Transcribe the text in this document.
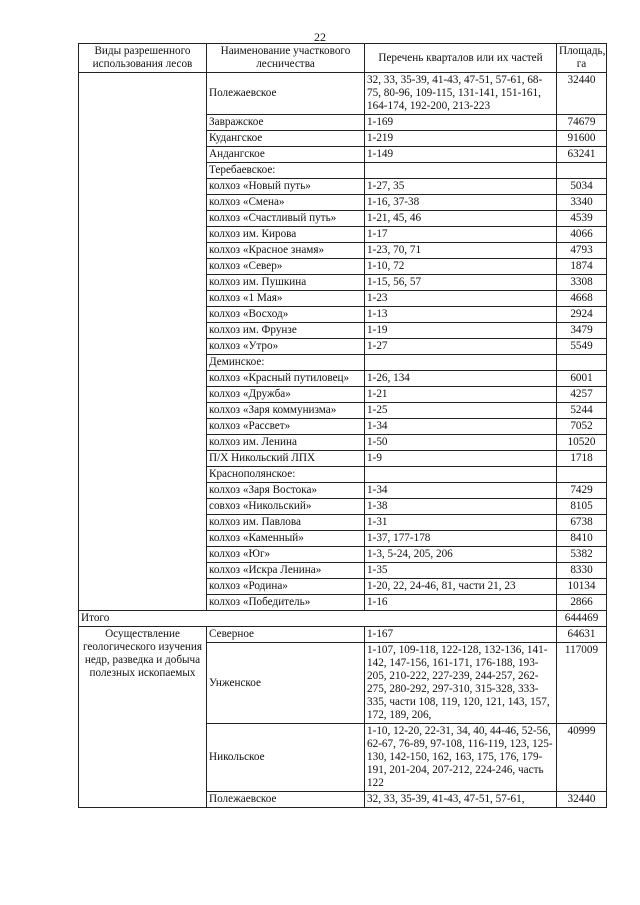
22
Виды разрешенного использования лесов	Наименование участкового лесничества	Перечень кварталов или их частей	Площадь, га
	Полежаевское	32, 33, 35-39, 41-43, 47-51, 57-61, 68-75, 80-96, 109-115, 131-141, 151-161, 164-174, 192-200, 213-223	32440
	Завражское	1-169	74679
	Кудангское	1-219	91600
	Андангское	1-149	63241
	Теребаевское:		
	колхоз «Новый путь»	1-27, 35	5034
	колхоз «Смена»	1-16, 37-38	3340
	колхоз «Счастливый путь»	1-21, 45, 46	4539
	колхоз им. Кирова	1-17	4066
	колхоз «Красное знамя»	1-23, 70, 71	4793
	колхоз «Север»	1-10, 72	1874
	колхоз им. Пушкина	1-15, 56, 57	3308
	колхоз «1 Мая»	1-23	4668
	колхоз «Восход»	1-13	2924
	колхоз им. Фрунзе	1-19	3479
	колхоз «Утро»	1-27	5549
	Деминское:		
	колхоз «Красный путиловец»	1-26, 134	6001
	колхоз «Дружба»	1-21	4257
	колхоз «Заря коммунизма»	1-25	5244
	колхоз «Рассвет»	1-34	7052
	колхоз им. Ленина	1-50	10520
	П/Х Никольский ЛПХ	1-9	1718
	Краснополянское:		
	колхоз «Заря Востока»	1-34	7429
	совхоз «Никольский»	1-38	8105
	колхоз им. Павлова	1-31	6738
	колхоз «Каменный»	1-37, 177-178	8410
	колхоз «Юг»	1-3, 5-24, 205, 206	5382
	колхоз «Искра Ленина»	1-35	8330
	колхоз «Родина»	1-20, 22, 24-46, 81, части 21, 23	10134
	колхоз «Победитель»	1-16	2866
Итого			644469
Осуществление геологического изучения недр, разведка и добыча полезных ископаемых	Северное	1-167	64631
	Унженское	1-107, 109-118, 122-128, 132-136, 141-142, 147-156, 161-171, 176-188, 193-205, 210-222, 227-239, 244-257, 262-275, 280-292, 297-310, 315-328, 333-335, части 108, 119, 120, 121, 143, 157, 172, 189, 206,	117009
	Никольское	1-10, 12-20, 22-31, 34, 40, 44-46, 52-56, 62-67, 76-89, 97-108, 116-119, 123, 125-130, 142-150, 162, 163, 175, 176, 179-191, 201-204, 207-212, 224-246, часть 122	40999
	Полежаевское	32, 33, 35-39, 41-43, 47-51, 57-61,	32440
